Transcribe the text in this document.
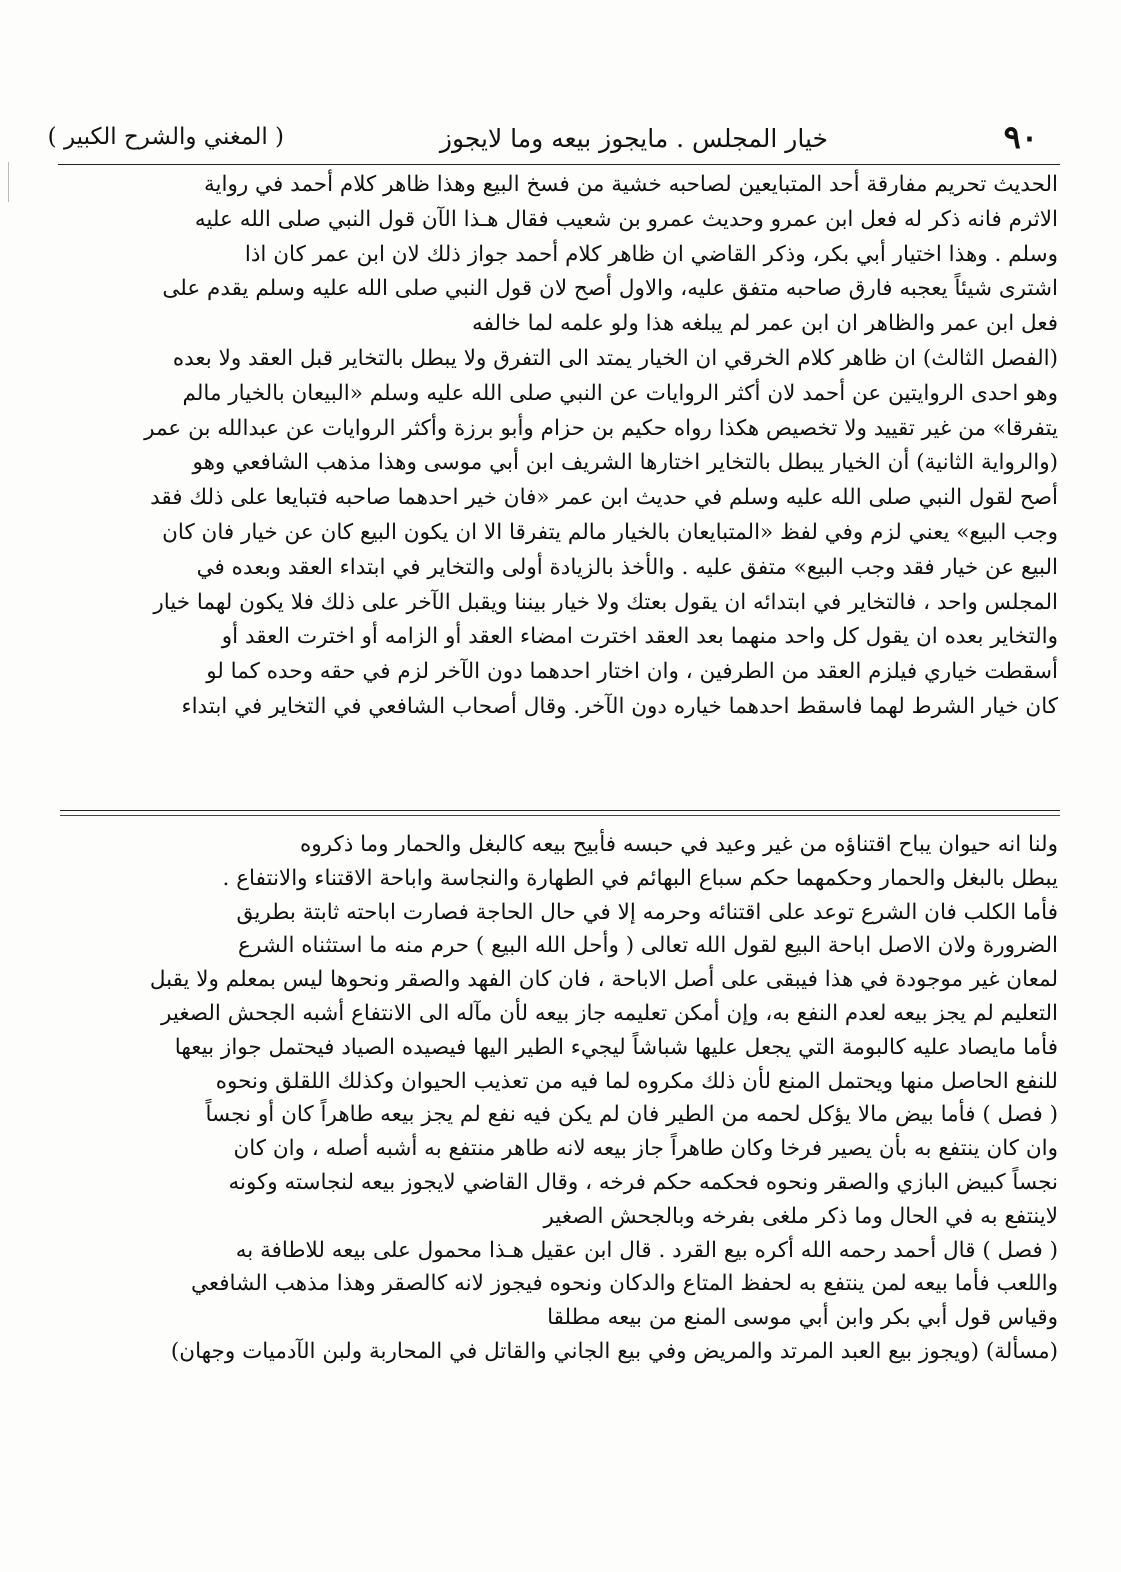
٩٠
خيار المجلس . مايجوز بيعه وما لايجوز
( المغني والشرح الكبير )
الحديث تحريم مفارقة أحد المتبايعين لصاحبه خشية من فسخ البيع وهذا ظاهر كلام أحمد في رواية
الاثرم فانه ذكر له فعل ابن عمرو وحديث عمرو بن شعيب فقال هـذا الآن قول النبي صلى الله عليه
وسلم . وهذا اختيار أبي بكر، وذكر القاضي ان ظاهر كلام أحمد جواز ذلك لان ابن عمر كان اذا
اشترى شيئاً يعجبه فارق صاحبه متفق عليه، والاول أصح لان قول النبي صلى الله عليه وسلم يقدم على
فعل ابن عمر والظاهر ان ابن عمر لم يبلغه هذا ولو علمه لما خالفه
(الفصل الثالث) ان ظاهر كلام الخرقي ان الخيار يمتد الى التفرق ولا يبطل بالتخاير قبل العقد ولا بعده
وهو احدى الروايتين عن أحمد لان أكثر الروايات عن النبي صلى الله عليه وسلم «البيعان بالخيار مالم
يتفرقا» من غير تقييد ولا تخصيص هكذا رواه حكيم بن حزام وأبو برزة وأكثر الروايات عن عبدالله بن عمر
(والرواية الثانية) أن الخيار يبطل بالتخاير اختارها الشريف ابن أبي موسى وهذا مذهب الشافعي وهو
أصح لقول النبي صلى الله عليه وسلم في حديث ابن عمر «فان خير احدهما صاحبه فتبايعا على ذلك فقد
وجب البيع» يعني لزم وفي لفظ «المتبايعان بالخيار مالم يتفرقا الا ان يكون البيع كان عن خيار فان كان
البيع عن خيار فقد وجب البيع» متفق عليه . والأخذ بالزيادة أولى والتخاير في ابتداء العقد وبعده في
المجلس واحد ، فالتخاير في ابتدائه ان يقول بعتك ولا خيار بيننا ويقبل الآخر على ذلك فلا يكون لهما خيار
والتخاير بعده ان يقول كل واحد منهما بعد العقد اخترت امضاء العقد أو الزامه أو اخترت العقد أو
أسقطت خياري فيلزم العقد من الطرفين ، وان اختار احدهما دون الآخر لزم في حقه وحده كما لو
كان خيار الشرط لهما فاسقط احدهما خياره دون الآخر. وقال أصحاب الشافعي في التخاير في ابتداء
ولنا انه حيوان يباح اقتناؤه من غير وعيد في حبسه فأبيح بيعه كالبغل والحمار وما ذكروه
يبطل بالبغل والحمار وحكمهما حكم سباع البهائم في الطهارة والنجاسة واباحة الاقتناء والانتفاع .
فأما الكلب فان الشرع توعد على اقتنائه وحرمه إلا في حال الحاجة فصارت اباحته ثابتة بطريق
الضرورة ولان الاصل اباحة البيع لقول الله تعالى ( وأحل الله البيع ) حرم منه ما استثناه الشرع
لمعان غير موجودة في هذا فيبقى على أصل الاباحة ، فان كان الفهد والصقر ونحوها ليس بمعلم ولا يقبل
التعليم لم يجز بيعه لعدم النفع به، وإن أمكن تعليمه جاز بيعه لأن مآله الى الانتفاع أشبه الجحش الصغير
فأما مايصاد عليه كالبومة التي يجعل عليها شباشاً ليجيء الطير اليها فيصيده الصياد فيحتمل جواز بيعها
للنفع الحاصل منها ويحتمل المنع لأن ذلك مكروه لما فيه من تعذيب الحيوان وكذلك اللقلق ونحوه
( فصل ) فأما بيض مالا يؤكل لحمه من الطير فان لم يكن فيه نفع لم يجز بيعه طاهراً كان أو نجساً
وان كان ينتفع به بأن يصير فرخا وكان طاهراً جاز بيعه لانه طاهر منتفع به أشبه أصله ، وان كان
نجساً كبيض البازي والصقر ونحوه فحكمه حكم فرخه ، وقال القاضي لايجوز بيعه لنجاسته وكونه
لاينتفع به في الحال وما ذكر ملغى بفرخه وبالجحش الصغير
( فصل ) قال أحمد رحمه الله أكره بيع القرد . قال ابن عقيل هـذا محمول على بيعه للاطافة به
واللعب فأما بيعه لمن ينتفع به لحفظ المتاع والدكان ونحوه فيجوز لانه كالصقر وهذا مذهب الشافعي
وقياس قول أبي بكر وابن أبي موسى المنع من بيعه مطلقا
(مسألة) (ويجوز بيع العبد المرتد والمريض وفي بيع الجاني والقاتل في المحاربة ولبن الآدميات وجهان)
